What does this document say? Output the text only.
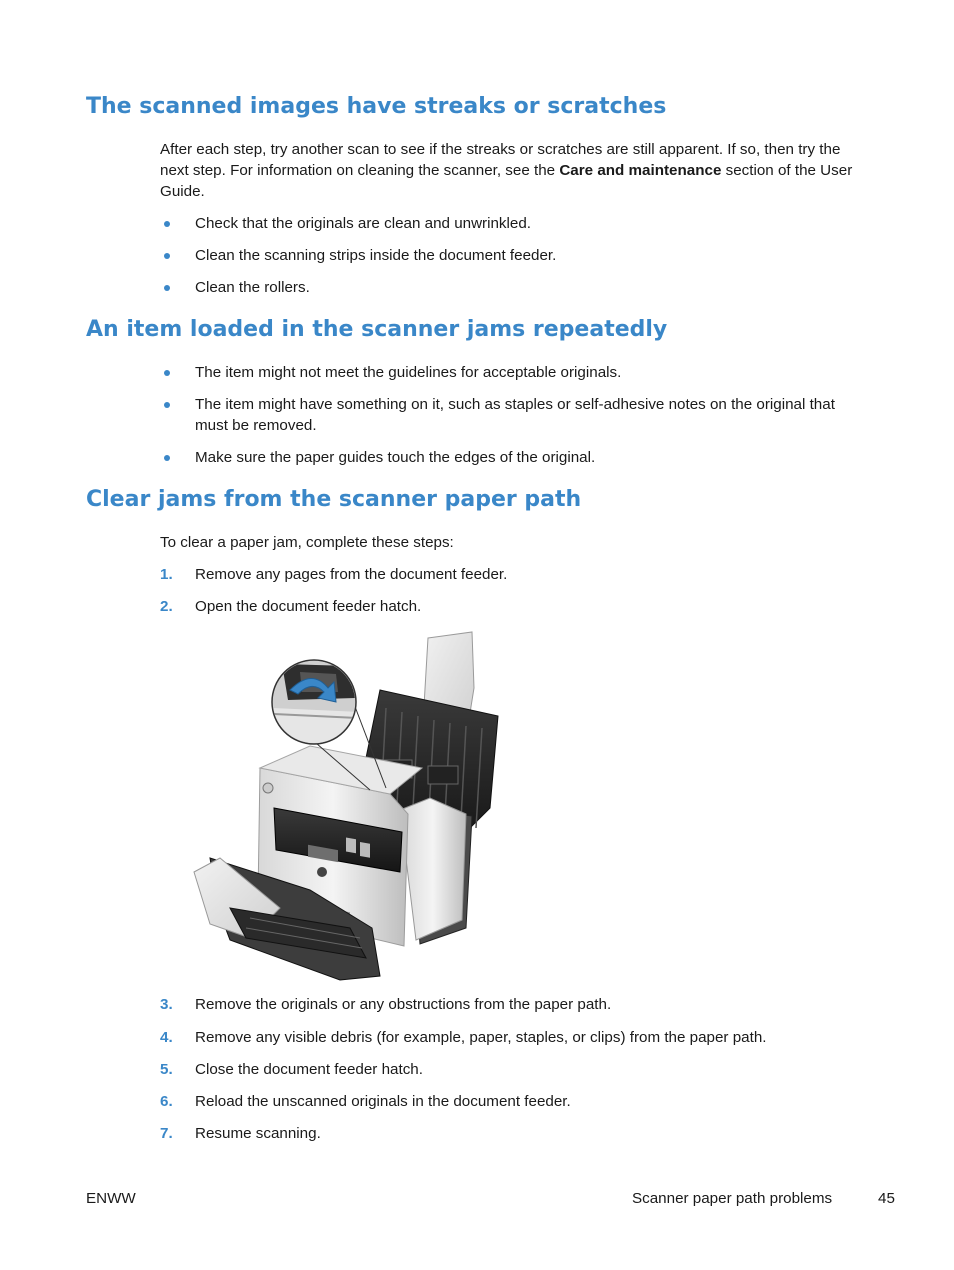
The scanned images have streaks or scratches

After each step, try another scan to see if the streaks or scratches are still apparent. If so, then try the next step. For information on cleaning the scanner, see the Care and maintenance section of the User Guide.

Check that the originals are clean and unwrinkled.
Clean the scanning strips inside the document feeder.
Clean the rollers.
An item loaded in the scanner jams repeatedly
The item might not meet the guidelines for acceptable originals.
The item might have something on it, such as staples or self-adhesive notes on the original that must be removed.
Make sure the paper guides touch the edges of the original.
Clear jams from the scanner paper path

To clear a paper jam, complete these steps:

1.	Remove any pages from the document feeder.
2.	Open the document feeder hatch.
3.	Remove the originals or any obstructions from the paper path.
4.	Remove any visible debris (for example, paper, staples, or clips) from the paper path.
5.	Close the document feeder hatch.
6.	Reload the unscanned originals in the document feeder.
7.	Resume scanning.
ENWW	Scanner paper path problems	45
